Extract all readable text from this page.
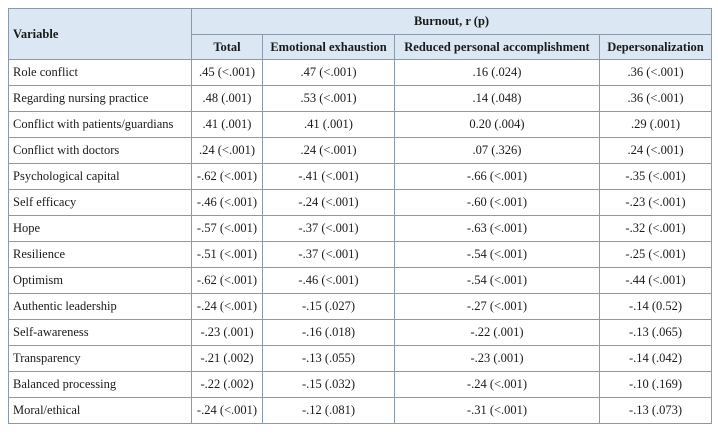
Variable	Burnout, r (p)			
	Total	Emotional exhaustion	Reduced personal accomplishment	Depersonalization
Role conflict	.45 (<.001)	.47 (<.001)	.16 (.024)	.36 (<.001)
Regarding nursing practice	.48 (.001)	.53 (<.001)	.14 (.048)	.36 (<.001)
Conflict with patients/guardians	.41 (.001)	.41 (.001)	0.20 (.004)	.29 (.001)
Conflict with doctors	.24 (<.001)	.24 (<.001)	.07 (.326)	.24 (<.001)
Psychological capital	-.62 (<.001)	-.41 (<.001)	-.66 (<.001)	-.35 (<.001)
Self efficacy	-.46 (<.001)	-.24 (<.001)	-.60 (<.001)	-.23 (<.001)
Hope	-.57 (<.001)	-.37 (<.001)	-.63 (<.001)	-.32 (<.001)
Resilience	-.51 (<.001)	-.37 (<.001)	-.54 (<.001)	-.25 (<.001)
Optimism	-.62 (<.001)	-.46 (<.001)	-.54 (<.001)	-.44 (<.001)
Authentic leadership	-.24 (<.001)	-.15 (.027)	-.27 (<.001)	-.14 (0.52)
Self-awareness	-.23 (.001)	-.16 (.018)	-.22 (.001)	-.13 (.065)
Transparency	-.21 (.002)	-.13 (.055)	-.23 (.001)	-.14 (.042)
Balanced processing	-.22 (.002)	-.15 (.032)	-.24 (<.001)	-.10 (.169)
Moral/ethical	-.24 (<.001)	-.12 (.081)	-.31 (<.001)	-.13 (.073)
